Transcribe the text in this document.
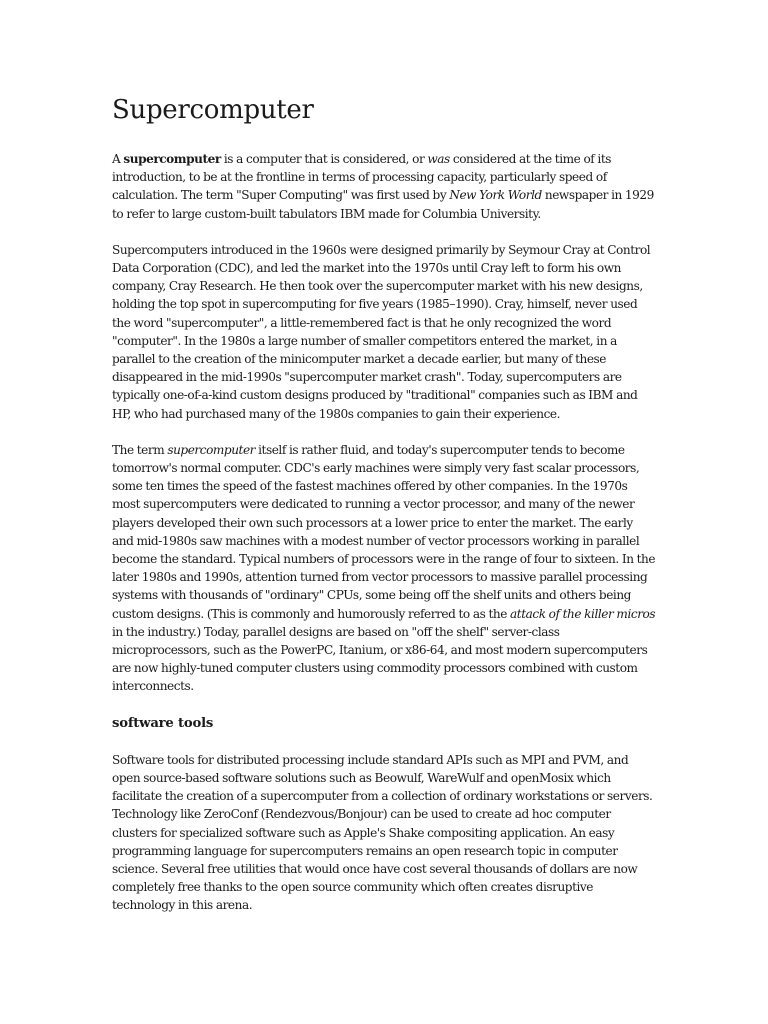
Supercomputer

A supercomputer is a computer that is considered, or was considered at the time of its introduction, to be at the frontline in terms of processing capacity, particularly speed of calculation. The term "Super Computing" was first used by New York World newspaper in 1929 to refer to large custom-built tabulators IBM made for Columbia University.

Supercomputers introduced in the 1960s were designed primarily by Seymour Cray at Control Data Corporation (CDC), and led the market into the 1970s until Cray left to form his own company, Cray Research. He then took over the supercomputer market with his new designs, holding the top spot in supercomputing for five years (1985–1990). Cray, himself, never used the word "supercomputer", a little-remembered fact is that he only recognized the word "computer". In the 1980s a large number of smaller competitors entered the market, in a parallel to the creation of the minicomputer market a decade earlier, but many of these disappeared in the mid-1990s "supercomputer market crash". Today, supercomputers are typically one-of-a-kind custom designs produced by "traditional" companies such as IBM and HP, who had purchased many of the 1980s companies to gain their experience.

The term supercomputer itself is rather fluid, and today's supercomputer tends to become tomorrow's normal computer. CDC's early machines were simply very fast scalar processors, some ten times the speed of the fastest machines offered by other companies. In the 1970s most supercomputers were dedicated to running a vector processor, and many of the newer players developed their own such processors at a lower price to enter the market. The early and mid-1980s saw machines with a modest number of vector processors working in parallel become the standard. Typical numbers of processors were in the range of four to sixteen. In the later 1980s and 1990s, attention turned from vector processors to massive parallel processing systems with thousands of "ordinary" CPUs, some being off the shelf units and others being custom designs. (This is commonly and humorously referred to as the attack of the killer micros in the industry.) Today, parallel designs are based on "off the shelf" server-class microprocessors, such as the PowerPC, Itanium, or x86-64, and most modern supercomputers are now highly-tuned computer clusters using commodity processors combined with custom interconnects.

software tools

Software tools for distributed processing include standard APIs such as MPI and PVM, and open source-based software solutions such as Beowulf, WareWulf and openMosix which facilitate the creation of a supercomputer from a collection of ordinary workstations or servers. Technology like ZeroConf (Rendezvous/Bonjour) can be used to create ad hoc computer clusters for specialized software such as Apple's Shake compositing application. An easy programming language for supercomputers remains an open research topic in computer science. Several free utilities that would once have cost several thousands of dollars are now completely free thanks to the open source community which often creates disruptive technology in this arena.
